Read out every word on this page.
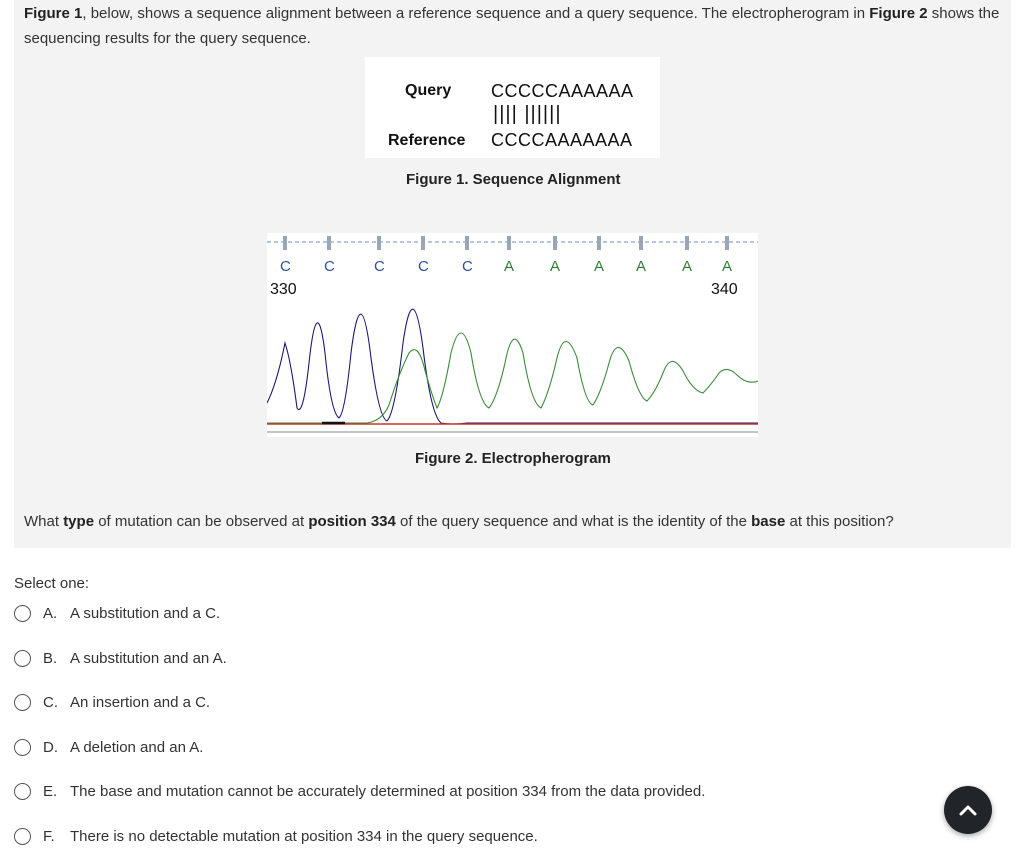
Figure 1, below, shows a sequence alignment between a reference sequence and a query sequence. The electropherogram in Figure 2 shows the sequencing results for the query sequence.
Query CCCCCAAAAAA
|||| ||||||
Reference CCCCAAAAAAA
Figure 1. Sequence Alignment
C C	C C C A A A A A A
330	340
Figure 2. Electropherogram
What type of mutation can be observed at position 334 of the query sequence and what is the identity of the base at this position?
Select one:
A. A substitution and a C.
B. A substitution and an A.
C. An insertion and a C.
D. A deletion and an A.
E. The base and mutation cannot be accurately determined at position 334 from the data provided.
F.	There is no detectable mutation at position 334 in the query sequence.
